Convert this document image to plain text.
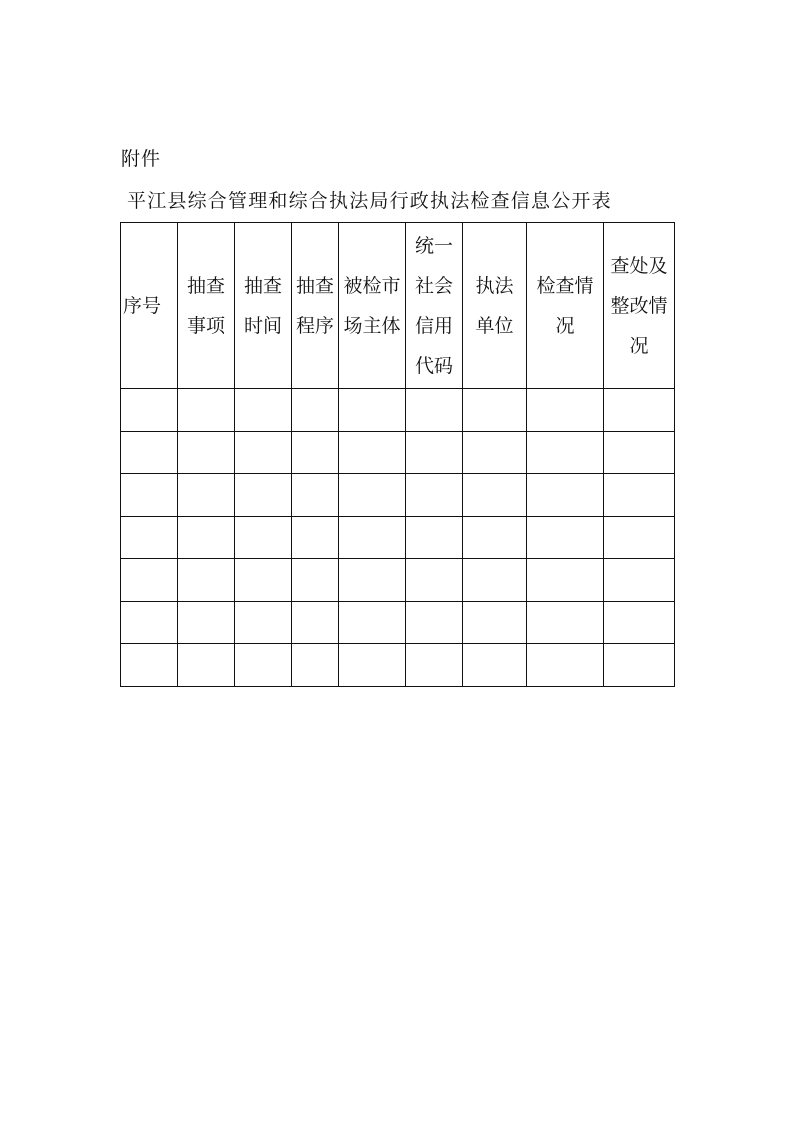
附件
平江县综合管理和综合执法局行政执法检查信息公开表
序号	抽查事项	抽查时间	抽查程序	被检市场主体	统一社会信用代码	执法单位	检查情况	查处及整改情况
